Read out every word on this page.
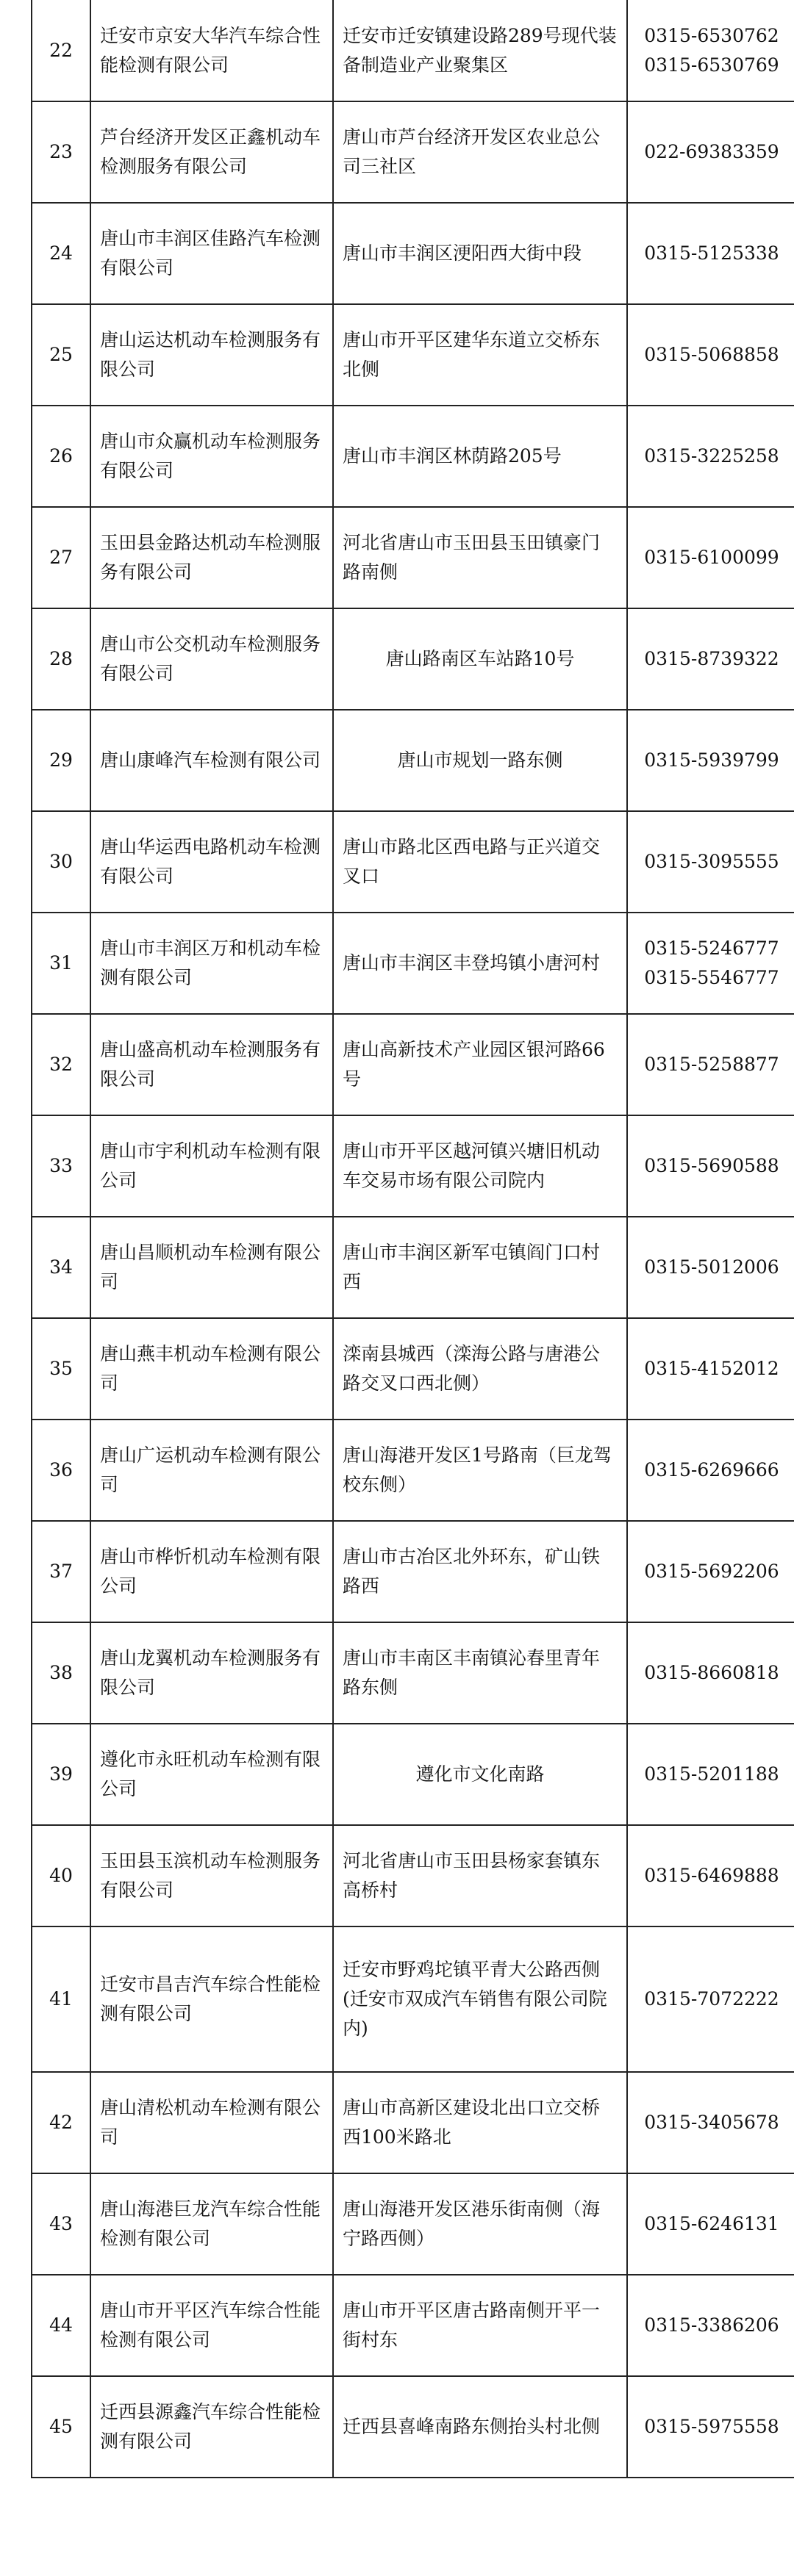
22	迁安市京安大华汽车综合性能检测有限公司	迁安市迁安镇建设路289号现代装备制造业产业聚集区	0315-6530762
0315-6530769

23	芦台经济开发区正鑫机动车检测服务有限公司	唐山市芦台经济开发区农业总公司三社区	022-69383359

24	唐山市丰润区佳路汽车检测有限公司	唐山市丰润区浭阳西大街中段	0315-5125338

25	唐山运达机动车检测服务有限公司	唐山市开平区建华东道立交桥东北侧	0315-5068858

26	唐山市众赢机动车检测服务有限公司	唐山市丰润区林荫路205号	0315-3225258

27	玉田县金路达机动车检测服务有限公司	河北省唐山市玉田县玉田镇豪门路南侧	0315-6100099

28	唐山市公交机动车检测服务有限公司	唐山路南区车站路10号	0315-8739322

29	唐山康峰汽车检测有限公司	唐山市规划一路东侧	0315-5939799

30	唐山华运西电路机动车检测有限公司	唐山市路北区西电路与正兴道交叉口	0315-3095555

31	唐山市丰润区万和机动车检测有限公司	唐山市丰润区丰登坞镇小唐河村	0315-5246777
0315-5546777

32	唐山盛高机动车检测服务有限公司	唐山高新技术产业园区银河路66号	0315-5258877

33	唐山市宇利机动车检测有限公司	唐山市开平区越河镇兴塘旧机动车交易市场有限公司院内	0315-5690588

34	唐山昌顺机动车检测有限公司	唐山市丰润区新军屯镇阎门口村西	0315-5012006

35	唐山燕丰机动车检测有限公司	滦南县城西（滦海公路与唐港公路交叉口西北侧）	0315-4152012

36	唐山广运机动车检测有限公司	唐山海港开发区1号路南（巨龙驾校东侧）	0315-6269666

37	唐山市桦忻机动车检测有限公司	唐山市古冶区北外环东，矿山铁路西	0315-5692206

38	唐山龙翼机动车检测服务有限公司	唐山市丰南区丰南镇沁春里青年路东侧	0315-8660818

39	遵化市永旺机动车检测有限公司	遵化市文化南路	0315-5201188

40	玉田县玉滨机动车检测服务有限公司	河北省唐山市玉田县杨家套镇东高桥村	0315-6469888

41	迁安市昌吉汽车综合性能检测有限公司	迁安市野鸡坨镇平青大公路西侧(迁安市双成汽车销售有限公司院内)	0315-7072222

42	唐山清松机动车检测有限公司	唐山市高新区建设北出口立交桥西100米路北	0315-3405678

43	唐山海港巨龙汽车综合性能检测有限公司	唐山海港开发区港乐街南侧（海宁路西侧）	0315-6246131

44	唐山市开平区汽车综合性能检测有限公司	唐山市开平区唐古路南侧开平一街村东	0315-3386206

45	迁西县源鑫汽车综合性能检测有限公司	迁西县喜峰南路东侧抬头村北侧	0315-5975558
